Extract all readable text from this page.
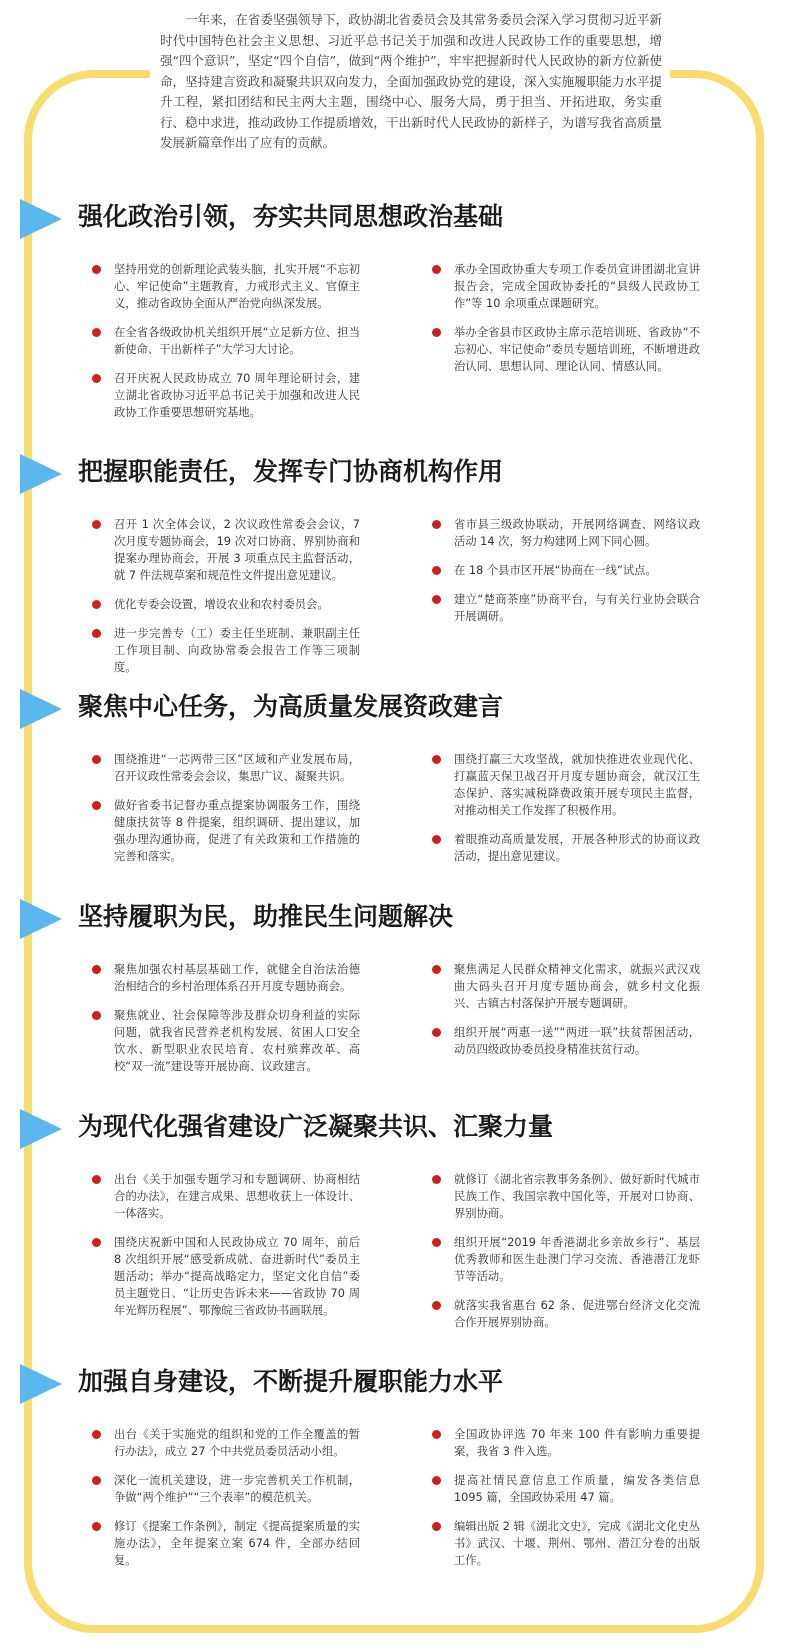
一年来，在省委坚强领导下，政协湖北省委员会及其常务委员会深入学习贯彻习近平新时代中国特色社会主义思想、习近平总书记关于加强和改进人民政协工作的重要思想，增强“四个意识”，坚定“四个自信”，做到“两个维护”，牢牢把握新时代人民政协的新方位新使命，坚持建言资政和凝聚共识双向发力，全面加强政协党的建设，深入实施履职能力水平提升工程，紧扣团结和民主两大主题，围绕中心、服务大局，勇于担当、开拓进取，务实重行、稳中求进，推动政协工作提质增效，干出新时代人民政协的新样子，为谱写我省高质量发展新篇章作出了应有的贡献。

强化政治引领，夯实共同思想政治基础

坚持用党的创新理论武装头脑，扎实开展“不忘初心、牢记使命”主题教育，力戒形式主义、官僚主义，推动省政协全面从严治党向纵深发展。

在全省各级政协机关组织开展“立足新方位、担当新使命、干出新样子”大学习大讨论。

召开庆祝人民政协成立 70 周年理论研讨会，建立湖北省政协习近平总书记关于加强和改进人民政协工作重要思想研究基地。

承办全国政协重大专项工作委员宣讲团湖北宣讲报告会，完成全国政协委托的“县级人民政协工作”等 10 余项重点课题研究。

举办全省县市区政协主席示范培训班、省政协“不忘初心、牢记使命”委员专题培训班，不断增进政治认同、思想认同、理论认同、情感认同。

把握职能责任，发挥专门协商机构作用

召开 1 次全体会议，2 次议政性常委会会议，7 次月度专题协商会，19 次对口协商、界别协商和提案办理协商会，开展 3 项重点民主监督活动，就 7 件法规草案和规范性文件提出意见建议。

优化专委会设置，增设农业和农村委员会。

进一步完善专（工）委主任坐班制、兼职副主任工作项目制、向政协常委会报告工作等三项制度。

省市县三级政协联动，开展网络调查、网络议政活动 14 次，努力构建网上网下同心圆。

在 18 个县市区开展“协商在一线”试点。

建立“楚商茶座”协商平台，与有关行业协会联合开展调研。

聚焦中心任务，为高质量发展资政建言

围绕推进“一芯两带三区”区域和产业发展布局，召开议政性常委会会议，集思广议、凝聚共识。

做好省委书记督办重点提案协调服务工作，围绕健康扶贫等 8 件提案，组织调研、提出建议，加强办理沟通协商，促进了有关政策和工作措施的完善和落实。

围绕打赢三大攻坚战，就加快推进农业现代化、打赢蓝天保卫战召开月度专题协商会，就汉江生态保护、落实减税降费政策开展专项民主监督，对推动相关工作发挥了积极作用。

着眼推动高质量发展，开展各种形式的协商议政活动，提出意见建议。

坚持履职为民，助推民生问题解决

聚焦加强农村基层基础工作，就健全自治法治德治相结合的乡村治理体系召开月度专题协商会。

聚焦就业、社会保障等涉及群众切身利益的实际问题，就我省民营养老机构发展、贫困人口安全饮水、新型职业农民培育、农村殡葬改革、高校“双一流”建设等开展协商、议政建言。

聚焦满足人民群众精神文化需求，就振兴武汉戏曲大码头召开月度专题协商会，就乡村文化振兴、古镇古村落保护开展专题调研。

组织开展“两惠一送”“两进一联”扶贫帮困活动，动员四级政协委员投身精准扶贫行动。

为现代化强省建设广泛凝聚共识、汇聚力量

出台《关于加强专题学习和专题调研、协商相结合的办法》，在建言成果、思想收获上一体设计、一体落实。

围绕庆祝新中国和人民政协成立 70 周年，前后 8 次组织开展“感受新成就、奋进新时代”委员主题活动；举办“提高战略定力，坚定文化自信”委员主题党日、“让历史告诉未来——省政协 70 周年光辉历程展”、鄂豫皖三省政协书画联展。

就修订《湖北省宗教事务条例》、做好新时代城市民族工作、我国宗教中国化等，开展对口协商、界别协商。

组织开展“2019 年香港湖北乡亲故乡行”、基层优秀教师和医生赴澳门学习交流、香港潜江龙虾节等活动。

就落实我省惠台 62 条、促进鄂台经济文化交流合作开展界别协商。

加强自身建设，不断提升履职能力水平

出台《关于实施党的组织和党的工作全覆盖的暂行办法》，成立 27 个中共党员委员活动小组。

深化一流机关建设，进一步完善机关工作机制，争做“两个维护”“三个表率”的模范机关。

修订《提案工作条例》，制定《提高提案质量的实施办法》，全年提案立案 674 件，全部办结回复。

全国政协评选 70 年来 100 件有影响力重要提案，我省 3 件入选。

提高社情民意信息工作质量，编发各类信息 1095 篇，全国政协采用 47 篇。

编辑出版 2 辑《湖北文史》，完成《湖北文化史丛书》武汉、十堰、荆州、鄂州、潜江分卷的出版工作。
